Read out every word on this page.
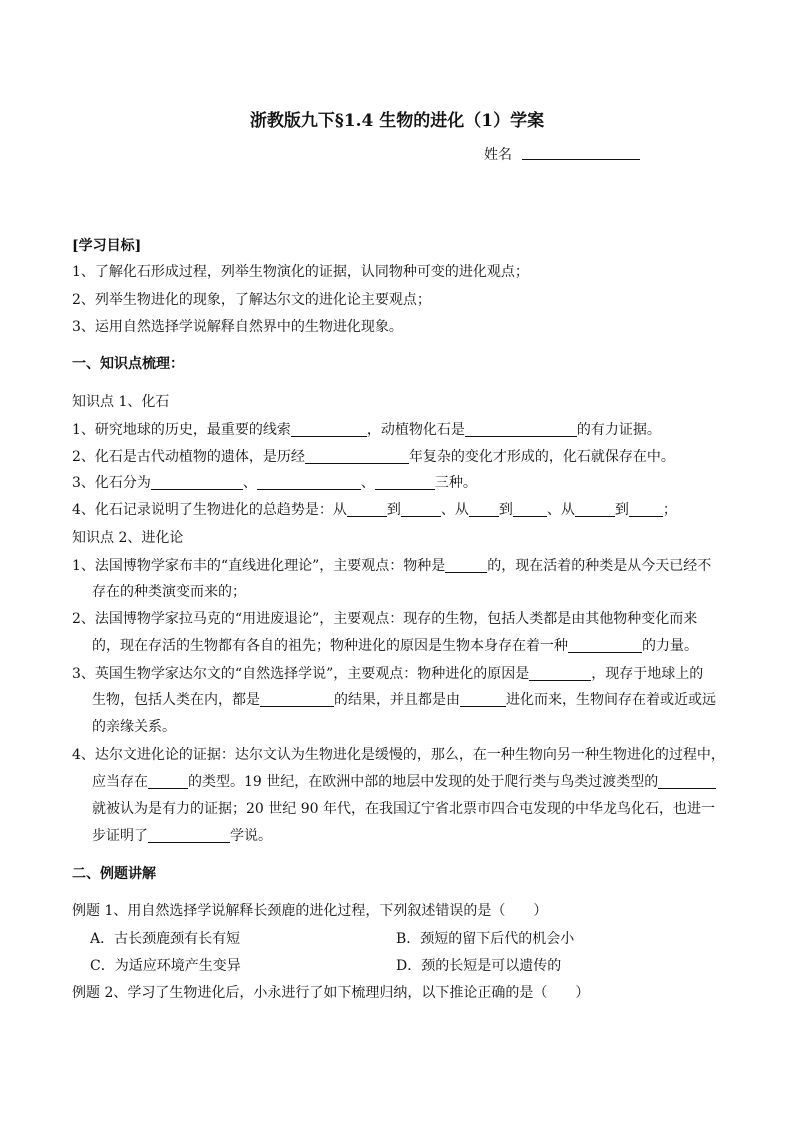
浙教版九下§1.4 生物的进化（1）学案
姓名
[学习目标]
1、了解化石形成过程，列举生物演化的证据，认同物种可变的进化观点；
2、列举生物进化的现象，了解达尔文的进化论主要观点；
3、运用自然选择学说解释自然界中的生物进化现象。
一、知识点梳理：
知识点 1、化石
1、研究地球的历史，最重要的线索	，动植物化石是	的有力证据。
2、化石是古代动植物的遗体，是历经	年复杂的变化才形成的，化石就保存在中。
3、化石分为	、	、	三种。
4、化石记录说明了生物进化的总趋势是：从	到	、从 到 、从	到 ；
知识点 2、进化论
1、法国博物学家布丰的“直线进化理论”，主要观点：物种是	的，现在活着的种类是从今天已经不
存在的种类演变而来的；
2、法国博物学家拉马克的“用进废退论”，主要观点：现存的生物，包括人类都是由其他物种变化而来
的，现在存活的生物都有各自的祖先；物种进化的原因是生物本身存在着一种	的力量。
3、英国生物学家达尔文的“自然选择学说”，主要观点：物种进化的原因是	，现存于地球上的
生物，包括人类在内，都是	的结果，并且都是由	进化而来，生物间存在着或近或远
的亲缘关系。
4、达尔文进化论的证据：达尔文认为生物进化是缓慢的，那么，在一种生物向另一种生物进化的过程中，
应当存在	的类型。19 世纪，在欧洲中部的地层中发现的处于爬行类与鸟类过渡类型的
就被认为是有力的证据；20 世纪 90 年代，在我国辽宁省北票市四合屯发现的中华龙鸟化石，也进一
步证明了	学说。
二、例题讲解
例题 1、用自然选择学说解释长颈鹿的进化过程，下列叙述错误的是（　　）
A．古长颈鹿颈有长有短	B．颈短的留下后代的机会小
C．为适应环境产生变异	D．颈的长短是可以遗传的
例题 2、学习了生物进化后，小永进行了如下梳理归纳，以下推论正确的是（　　）
